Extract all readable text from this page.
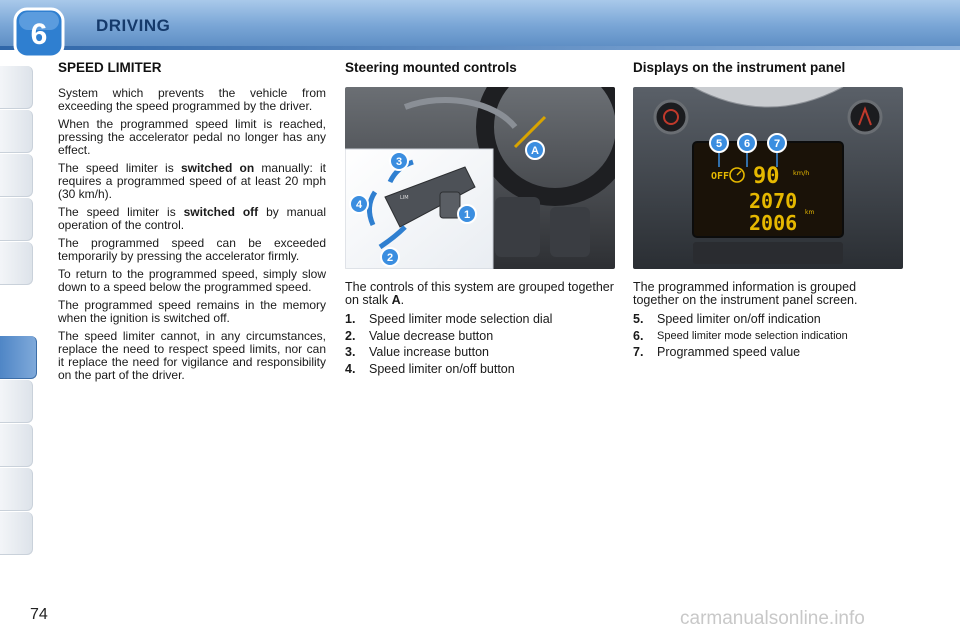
6	DRIVING
SPEED LIMITER

System which prevents the vehicle from exceeding the speed programmed by the driver.

When the programmed speed limit is reached, pressing the accelerator pedal no longer has any effect.

The speed limiter is switched on manually: it requires a programmed speed of at least 20 mph (30 km/h).

The speed limiter is switched off by manual operation of the control.

The programmed speed can be exceeded temporarily by pressing the accelerator firmly.

To return to the programmed speed, simply slow down to a speed below the programmed speed.

The programmed speed remains in the memory when the ignition is switched off.

The speed limiter cannot, in any circumstances, replace the need to respect speed limits, nor can it replace the need for vigilance and responsibility on the part of the driver.

Steering mounted controls
LIM
3
4
1
2
A

The controls of this system are grouped together on stalk A.

1.	Speed limiter mode selection dial
2.	Value decrease button
3.	Value increase button
4.	Speed limiter on/off button
Displays on the instrument panel
OFF 90 km/h
2070
2006 km
5 6 7

The programmed information is grouped together on the instrument panel screen.

5.	Speed limiter on/off indication
6.	Speed limiter mode selection indication
7.	Programmed speed value
74	carmanualsonline.info
